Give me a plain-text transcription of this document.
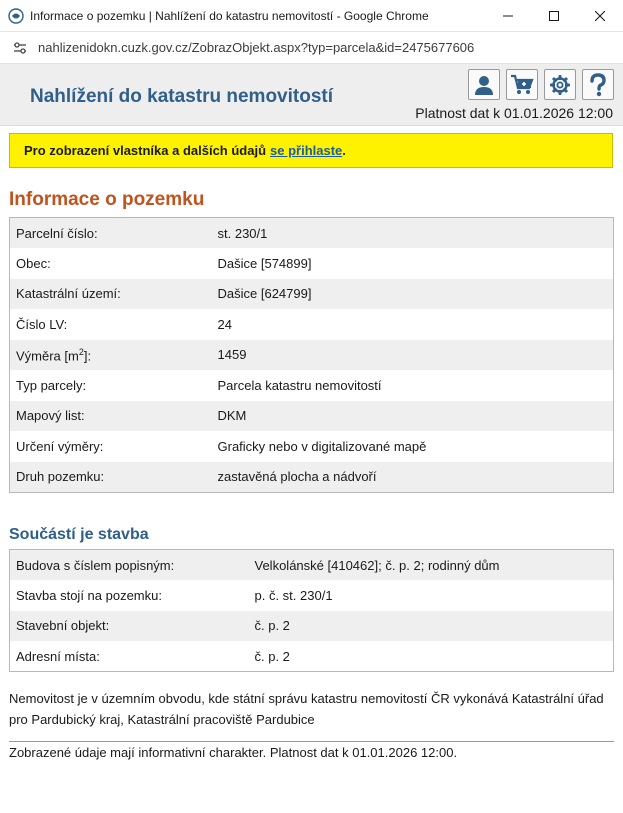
Informace o pozemku | Nahlížení do katastru nemovitostí - Google Chrome
nahlizenidokn.cuzk.gov.cz/ZobrazObjekt.aspx?typ=parcela&id=2475677606
Nahlížení do katastru nemovitostí
Platnost dat k 01.01.2026 12:00
Pro zobrazení vlastníka a dalších údajů se přihlaste .
Informace o pozemku
Parcelní číslo:	st. 230/1
Obec:	Dašice [574899]
Katastrální území:	Dašice [624799]
Číslo LV:	24
Výměra $[m^2]$:	1459
Typ parcely:	Parcela katastru nemovitostí
Mapový list:	DKM
Určení výměry:	Graficky nebo v digitalizované mapě
Druh pozemku:	zastavěná plocha a nádvoří
Součástí je stavba
Budova s číslem popisným:	Velkolánské [410462]; č. p. 2; rodinný dům
Stavba stojí na pozemku:	p. č. st. 230/1
Stavební objekt:	č. p. 2
Adresní místa:	č. p. 2

Nemovitost je v územním obvodu, kde státní správu katastru nemovitostí ČR vykonává Katastrální úřad pro Pardubický kraj, Katastrální pracoviště Pardubice

Zobrazené údaje mají informativní charakter. Platnost dat k 01.01.2026 12:00.
